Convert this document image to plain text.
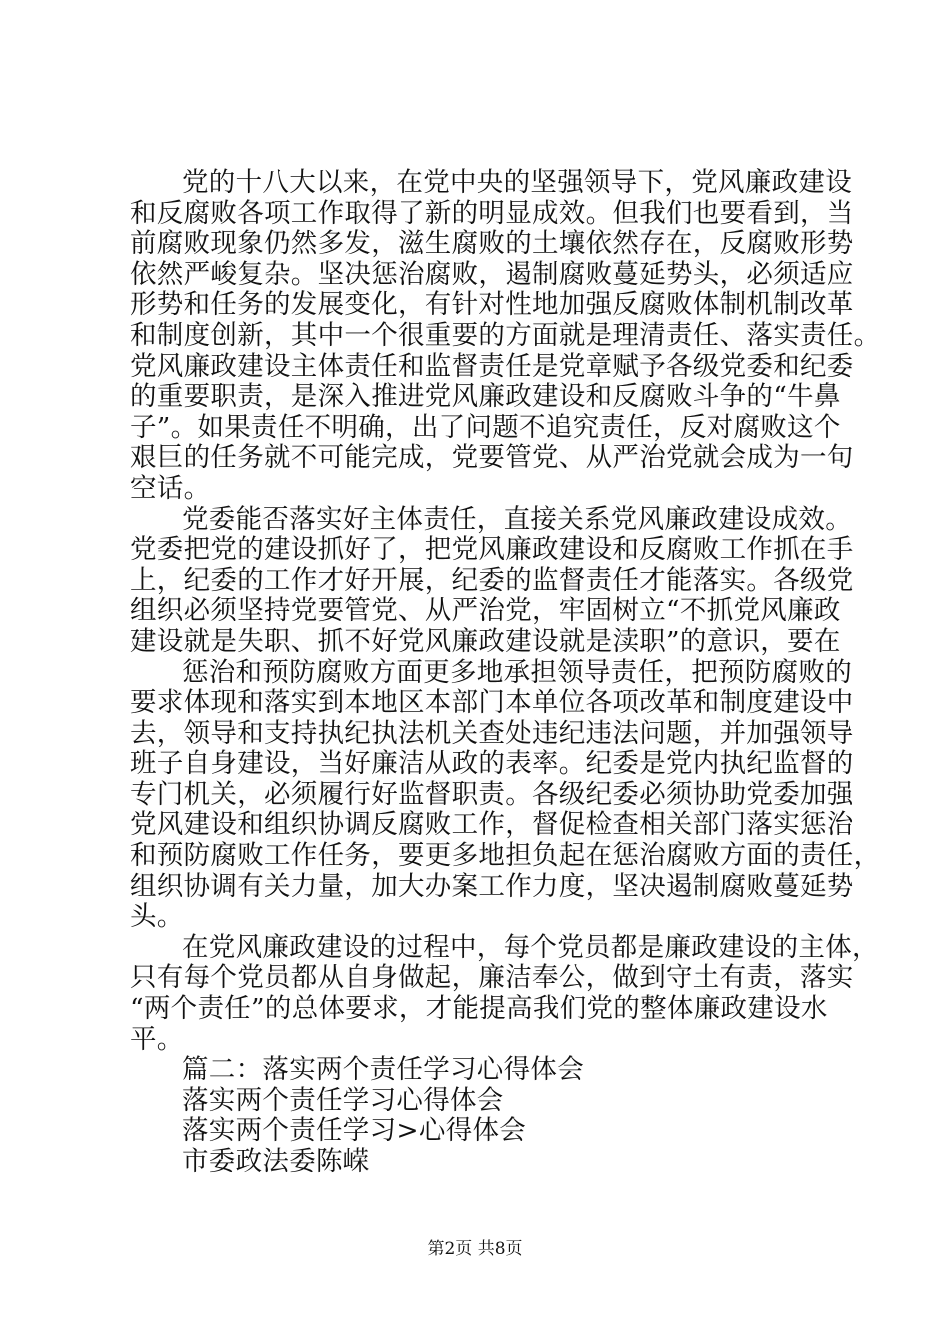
党的十八大以来，在党中央的坚强领导下，党风廉政建设
和反腐败各项工作取得了新的明显成效。但我们也要看到，当
前腐败现象仍然多发，滋生腐败的土壤依然存在，反腐败形势
依然严峻复杂。坚决惩治腐败，遏制腐败蔓延势头，必须适应
形势和任务的发展变化，有针对性地加强反腐败体制机制改革
和制度创新，其中一个很重要的方面就是理清责任、落实责任。
党风廉政建设主体责任和监督责任是党章赋予各级党委和纪委
的重要职责，是深入推进党风廉政建设和反腐败斗争的“牛鼻
子”。如果责任不明确，出了问题不追究责任，反对腐败这个
艰巨的任务就不可能完成，党要管党、从严治党就会成为一句
空话。
党委能否落实好主体责任，直接关系党风廉政建设成效。
党委把党的建设抓好了，把党风廉政建设和反腐败工作抓在手
上，纪委的工作才好开展，纪委的监督责任才能落实。各级党
组织必须坚持党要管党、从严治党，牢固树立“不抓党风廉政
建设就是失职、抓不好党风廉政建设就是渎职”的意识，要在
惩治和预防腐败方面更多地承担领导责任，把预防腐败的
要求体现和落实到本地区本部门本单位各项改革和制度建设中
去，领导和支持执纪执法机关查处违纪违法问题，并加强领导
班子自身建设，当好廉洁从政的表率。纪委是党内执纪监督的
专门机关，必须履行好监督职责。各级纪委必须协助党委加强
党风建设和组织协调反腐败工作，督促检查相关部门落实惩治
和预防腐败工作任务，要更多地担负起在惩治腐败方面的责任，
组织协调有关力量，加大办案工作力度，坚决遏制腐败蔓延势
头。
在党风廉政建设的过程中，每个党员都是廉政建设的主体，
只有每个党员都从自身做起，廉洁奉公，做到守土有责，落实
“两个责任”的总体要求，才能提高我们党的整体廉政建设水
平。
篇二：落实两个责任学习心得体会
落实两个责任学习心得体会
落实两个责任学习>心得体会
市委政法委陈嵘
第2页 共8页
